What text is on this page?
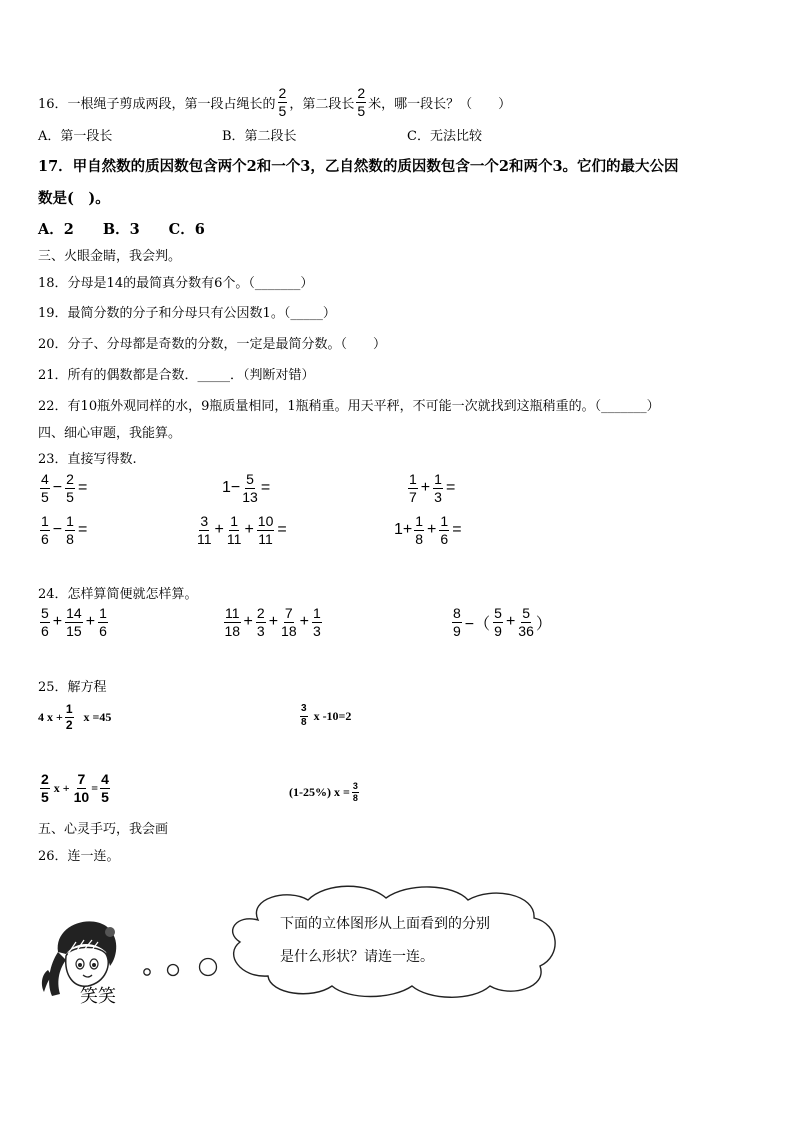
16．一根绳子剪成两段，第一段占绳长的 $\frac{2}{5}$ ，第二段长 $\frac{2}{5}$ 米，哪一段长？（　　）
A．第一段长	B．第二段长	C．无法比较
17．甲自然数的质因数包含两个2和一个3，乙自然数的质因数包含一个2和两个3。它们的最大公因
数是(　)。
A．2　　B．3　　C．6
三、火眼金睛，我会判。
18．分母是14的最简真分数有6个。（_______）
19．最简分数的分子和分母只有公因数1。（_____）
20．分子、分母都是奇数的分数，一定是最简分数。（　　）
21．所有的偶数都是合数．_____．（判断对错）
22．有10瓶外观同样的水，9瓶质量相同，1瓶稍重。用天平秤，不可能一次就找到这瓶稍重的。（_______）
四、细心审题，我能算。
23．直接写得数.
$\frac{4}{5} - \frac{2}{5}$ =	$1- \frac{5}{13}$ =	$\frac{1}{7} + \frac{1}{3}$ =
$\frac{1}{6} - \frac{1}{8}$ =	$\frac{3}{11} + \frac{1}{11} + \frac{10}{11}$ =	$1+ \frac{1}{8} + \frac{1}{6}$ =
24．怎样算简便就怎样算。
$\frac{5}{6} + \frac{14}{15} + \frac{1}{6}$	$\frac{11}{18} + \frac{2}{3} + \frac{7}{18} + \frac{1}{3}$	$\frac{8}{9}$ −（ $\frac{5}{9} + \frac{5}{36}$ ）
25．解方程
4 $x + \frac{1}{2}$ x =45	$\frac{3}{8}$ x -10=2
$\frac{2}{5}$ $x + \frac{7}{10} = \frac{4}{5}$	(1-25%) $x = \frac{3}{8}$
五、心灵手巧，我会画
26．连一连。
笑笑
下面的立体图形从上面看到的分别
是什么形状？请连一连。
